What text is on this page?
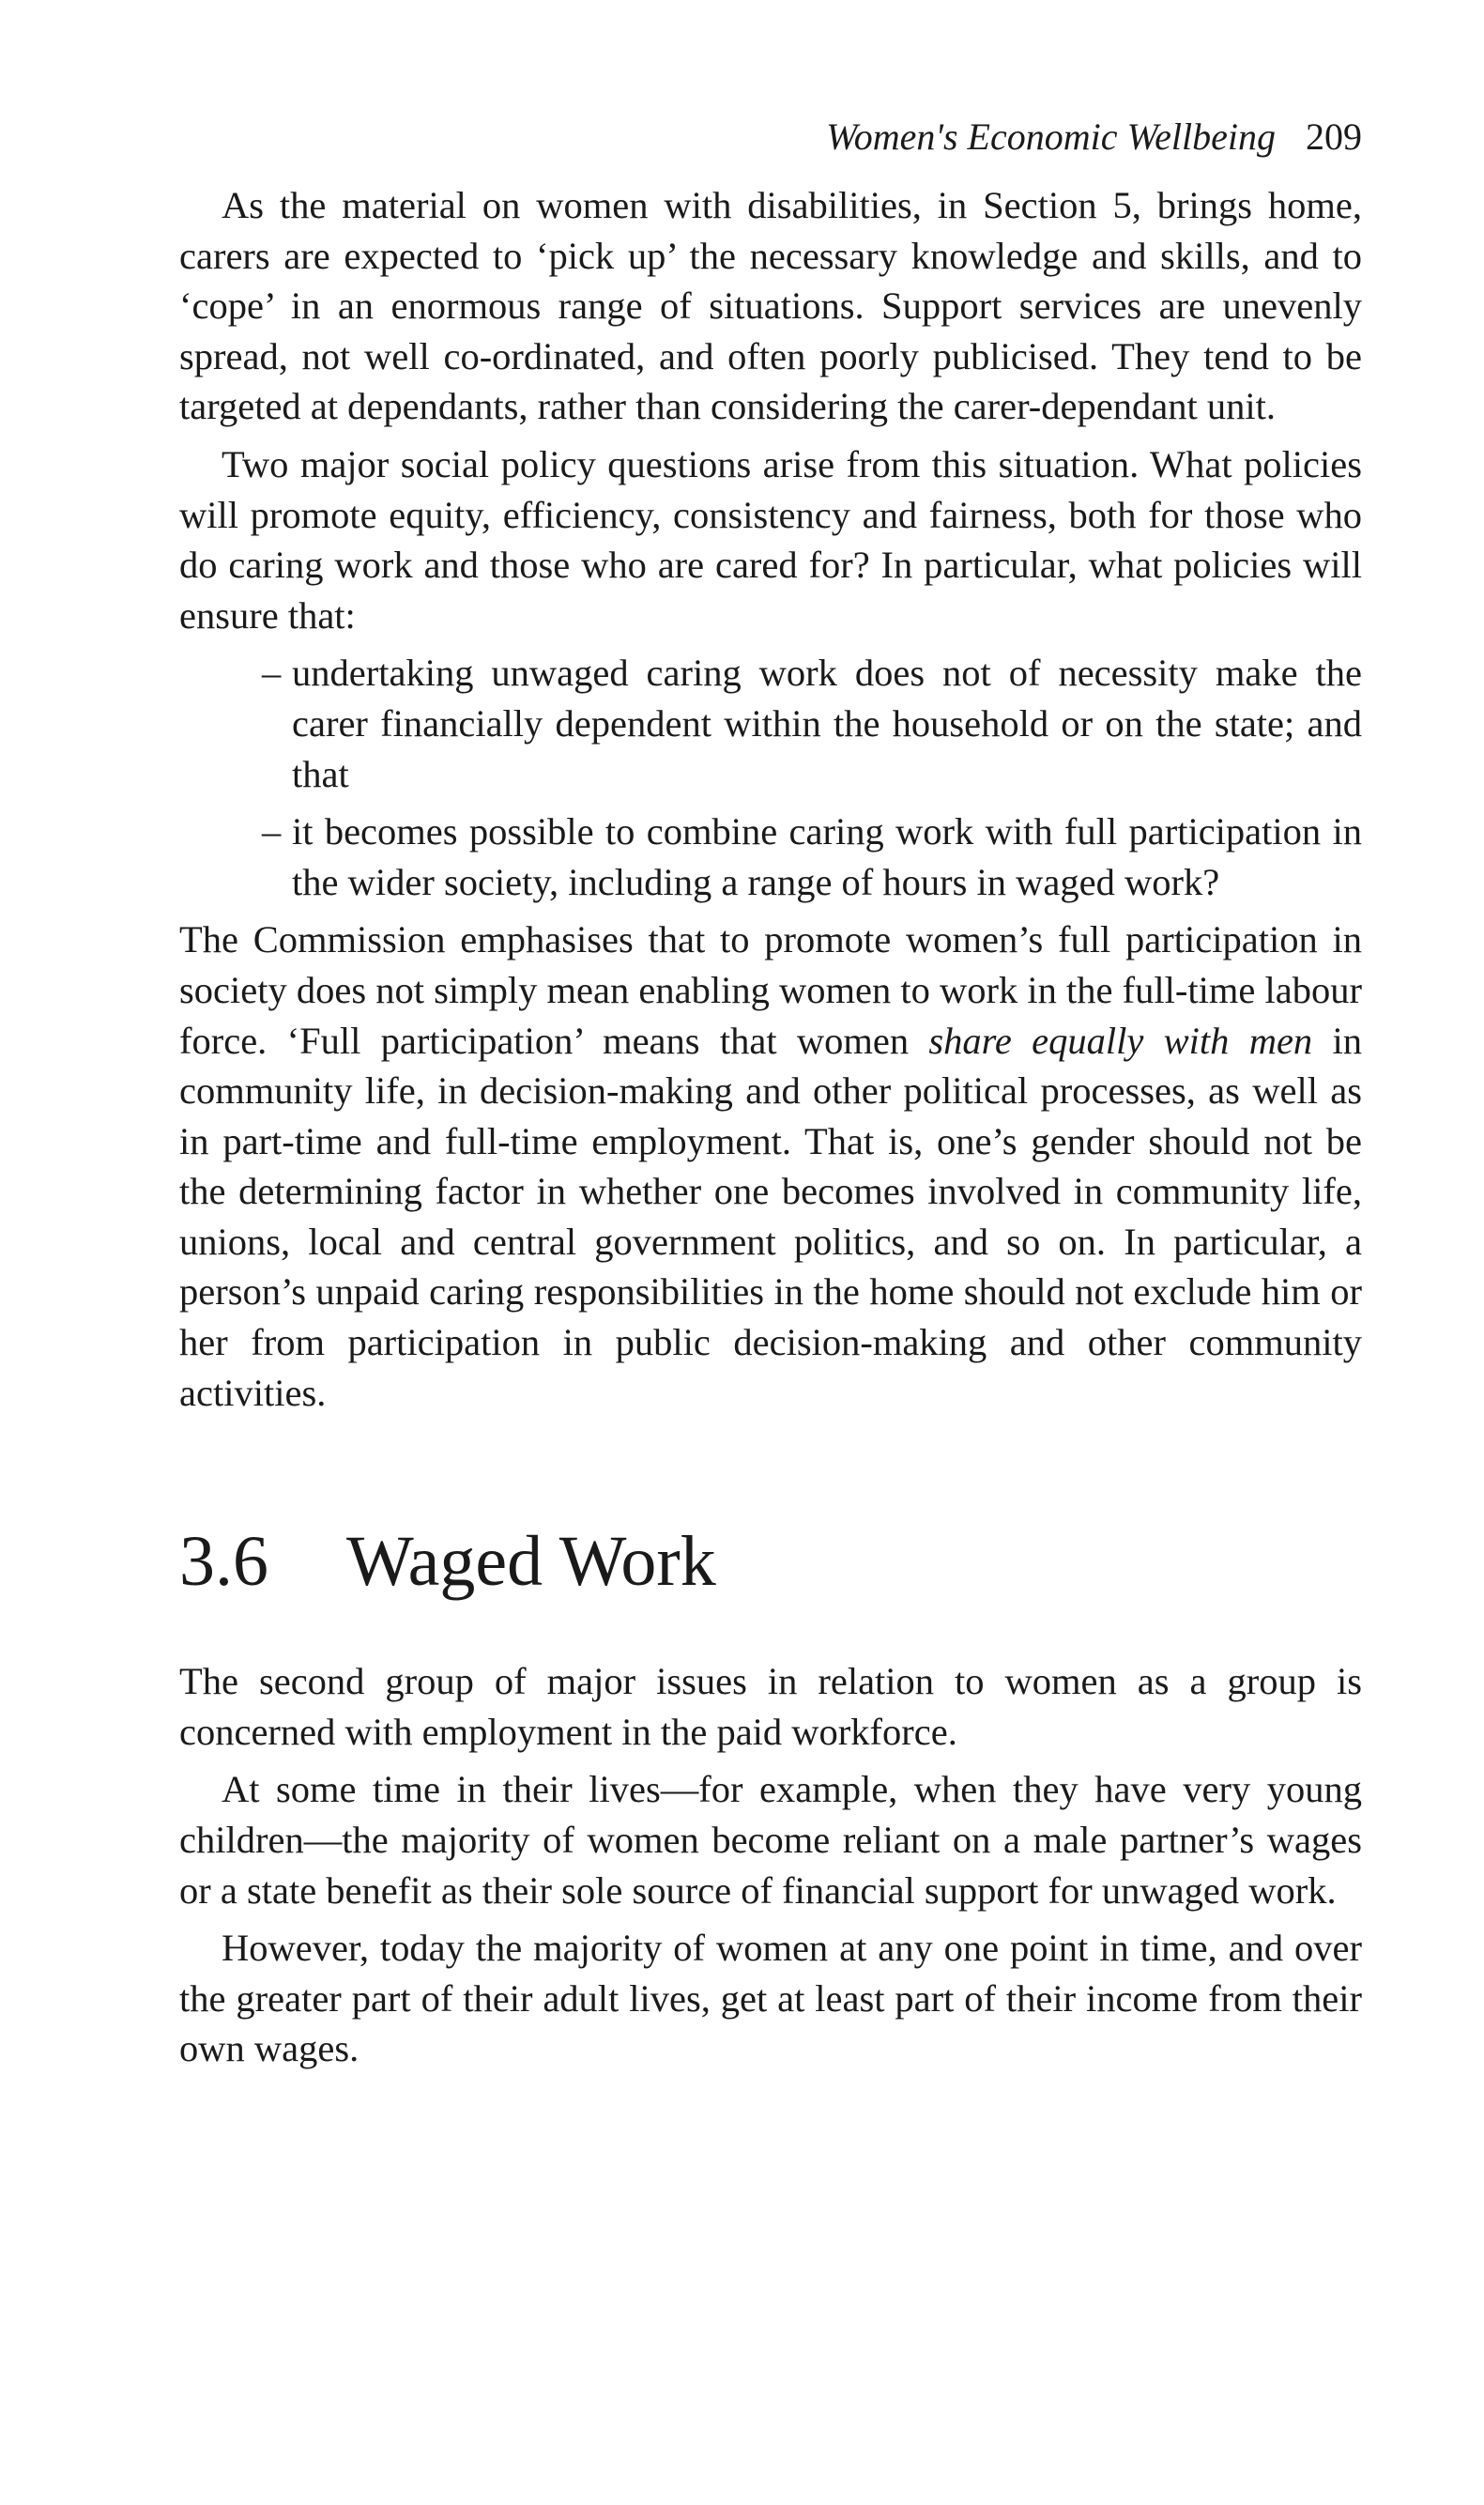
Women's Economic Wellbeing 209

As the material on women with disabilities, in Section 5, brings home, carers are expected to ‘pick up’ the necessary knowledge and skills, and to ‘cope’ in an enormous range of situations. Support services are unevenly spread, not well co-ordinated, and often poorly publicised. They tend to be targeted at dependants, rather than considering the carer-dependant unit.

Two major social policy questions arise from this situation. What policies will promote equity, efficiency, consistency and fairness, both for those who do caring work and those who are cared for? In particular, what policies will ensure that:

– undertaking unwaged caring work does not of necessity make the carer financially dependent within the household or on the state; and that
– it becomes possible to combine caring work with full participation in the wider society, including a range of hours in waged work?

The Commission emphasises that to promote women’s full participation in society does not simply mean enabling women to work in the full-time labour force. ‘Full participation’ means that women share equally with men in community life, in decision-making and other political processes, as well as in part-time and full-time employment. That is, one’s gender should not be the determining factor in whether one becomes involved in community life, unions, local and central government politics, and so on. In particular, a person’s unpaid caring responsibilities in the home should not exclude him or her from participation in public decision-making and other community activities.

3.6 Waged Work

The second group of major issues in relation to women as a group is concerned with employment in the paid workforce.

At some time in their lives—for example, when they have very young children—the majority of women become reliant on a male partner’s wages or a state benefit as their sole source of financial support for unwaged work.

However, today the majority of women at any one point in time, and over the greater part of their adult lives, get at least part of their income from their own wages.
